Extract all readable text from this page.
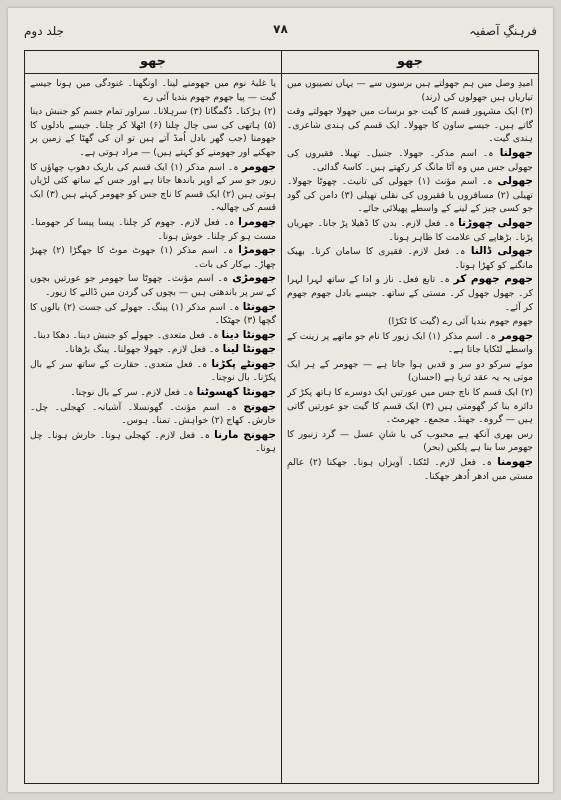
جلد دوم	۷۸	فرہنگِ آصفیہ
جھو	جھو

یا غلبۂ نوم میں جھومنے لینا۔ اونگھنا۔ غنودگی میں ہونا جیسے گیت — پیا جھوم جھوم بندیا آئی رے

(۲) ہڑکنا۔ ڈگمگانا (۳) سرہلانا۔ سراور تمام جسم کو جنبش دینا (۵) ہاتھی کی سی چال چلنا (۶) اٹھلا کر چلنا۔ جیسے بادلوں کا جھومنا (جب گھر بادل اُمڈ آتے ہیں تو ان کی گھٹا کے زمین پر جھکنے اور جھومنے کو کہتے ہیں) — مراد ہوتی ہے۔

جھومر ہ۔ اسم مذکر (۱) ایک قسم کی باریک دھوپ چھاؤں کا زیور جو سر کے اوپر باندھا جاتا ہے اور جس کے ساتھ کئی لڑیاں ہوتی ہیں (۲) ایک قسم کا ناچ جس کو جھومر کہتے ہیں (۳) ایک قسم کی چھالیہ۔

جھومرا ہ۔ فعل لازم۔ جھوم کر چلنا۔ پیسا پیسا کر جھومنا۔ مست ہو کر چلنا۔ خوش ہونا۔

جھومڑا ہ۔ اسم مذکر (۱) جھوٹ موٹ کا جھگڑا (۲) چھیڑ چھاڑ۔ بےکار کی بات۔

جھومڑی ہ۔ اسم مؤنث۔ چھوٹا سا جھومر جو عورتیں بچوں کے سر پر باندھتی ہیں — بچوں کی گردن میں ڈالنے کا زیور۔

جھونٹا ہ۔ اسم مذکر (۱) پینگ۔ جھولے کی جست (۲) بالوں کا گچھا (۳) جھٹکا۔

جھونٹا دینا ہ۔ فعل متعدی۔ جھولے کو جنبش دینا۔ دھکا دینا۔

جھونٹا لینا ہ۔ فعل لازم۔ جھولا جھولنا۔ پینگ بڑھانا۔

جھونٹے پکڑنا ہ۔ فعل متعدی۔ حقارت کے ساتھ سر کے بال پکڑنا۔ بال نوچنا۔

جھونٹا کھسوٹنا ہ۔ فعل لازم۔ سر کے بال نوچنا۔

جھونج ہ۔ اسم مؤنث۔ گھونسلا۔ آشیانہ۔ کھجلی۔ چل۔ خارش۔ کھاج (۲) خواہش۔ تمنا۔ ہوس۔

جھونج مارنا ہ۔ فعل لازم۔ کھجلی ہونا۔ خارش ہونا۔ چل ہونا۔

امیدِ وصل میں ہم جھولتے ہیں برسوں سے — یہاں نصیبوں میں تیاریاں ہیں جھولوں کی (رند)

(۳) ایک مشہور قسم کا گیت جو برسات میں جھولا جھولتے وقت گاتے ہیں۔ جیسے ساون کا جھولا۔ ایک قسم کی ہندی شاعری۔ ہندی گیت۔

جھولنا ہ۔ اسم مذکر۔ جھولا۔ جنبیل۔ تھیلا۔ فقیروں کی جھولی جس میں وہ آٹا مانگ کر رکھتے ہیں۔ کاسۂ گدائی۔

جھولی ہ۔ اسم مؤنث (۱) جھولی کی تانیث۔ چھوٹا جھولا۔ تھیلی (۲) مسافروں یا فقیروں کی نقلی تھیلی (۳) دامن کی گود جو کسی چیز کے لینے کے واسطے پھیلائی جائے۔

جھولی چھوڑنا ہ۔ فعل لازم۔ بدن کا ڈھیلا پڑ جانا۔ جھریاں پڑنا۔ بڑھاپے کی علامت کا ظاہر ہونا۔

جھولی ڈالنا ہ۔ فعل لازم۔ فقیری کا سامان کرنا۔ بھیک مانگنے کو کھڑا ہونا۔

جھوم جھوم کر ہ۔ تابع فعل۔ ناز و ادا کے ساتھ لہرا لہرا کر۔ جھول جھول کر۔ مستی کے ساتھ۔ جیسے بادل جھوم جھوم کر آئے۔

جھوم جھوم بندیا آئی رے (گیت کا ٹکڑا)

جھومر ہ۔ اسم مذکر (۱) ایک زیور کا نام جو ماتھے پر زینت کے واسطے لٹکایا جاتا ہے۔

موئے سرکو دو سر و قدیں ہوا جاتا ہے — جھومر کے ہر ایک موتی پہ یہ عقد ثریا ہے (احسان)

(۲) ایک قسم کا ناچ جس میں عورتیں ایک دوسرے کا ہاتھ پکڑ کر دائرہ بنا کر گھومتی ہیں (۳) ایک قسم کا گیت جو عورتیں گاتی ہیں — گروہ۔ جھنڈ۔ مجمع۔ جھرمٹ۔

رس بھری آنکھ ہے محبوب کی یا شانِ عسل — گرد زنبور کا جھومر سا بنا ہے پلکیں (بحر)

جھومنا ہ۔ فعل لازم۔ لٹکنا۔ آویزاں ہونا۔ جھکنا (۲) عالمِ مستی میں ادھر اُدھر جھکنا۔
